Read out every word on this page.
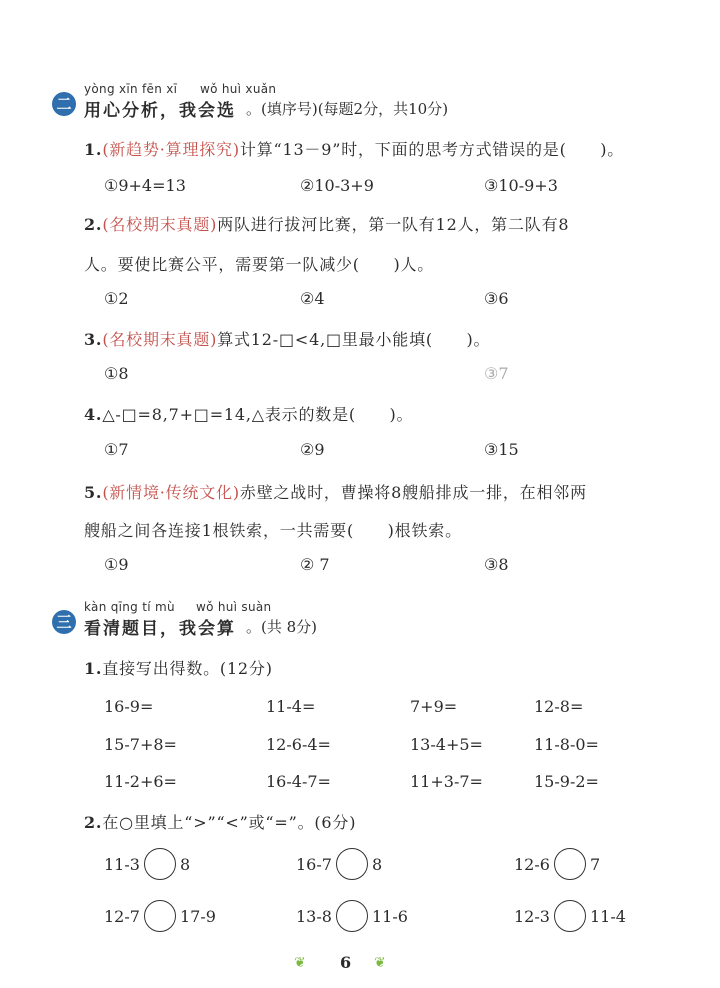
yòng xīn fēn xī wǒ huì xuǎn
二 用心分析，我会选 。(填序号)(每题2分，共10分)
1.(新趋势·算理探究)计算“13－9”时，下面的思考方式错误的是(　　)。
①9+4=13	②10-3+9	③10-9+3
2.(名校期末真题)两队进行拔河比赛，第一队有12人，第二队有8
人。要使比赛公平，需要第一队减少(　　)人。
①2	②4	③6
3.(名校期末真题)算式12-□<4,□里最小能填(　　)。
①8	③7
4.△-□=8,7+□=14,△表示的数是(　　)。
①7	②9	③15
5.(新情境·传统文化)赤壁之战时，曹操将8艘船排成一排，在相邻两
艘船之间各连接1根铁索，一共需要(　　)根铁索。
①9	② 7	③8
kàn qīng tí mù wǒ huì suàn
三 看清题目，我会算 。(共 8分)
1.直接写出得数。(12分)
16-9=	11-4=	7+9=	12-8=
15-7+8=	12-6-4=	13-4+5=	11-8-0=
11-2+6=	16-4-7=	11+3-7=	15-9-2=
2.在○里填上“>”“<”或“=”。(6分)
11-3	8	16-7	8	12-6	7
12-7	17-9	13-8	11-6	12-3	11-4
❦ 6 ❦
